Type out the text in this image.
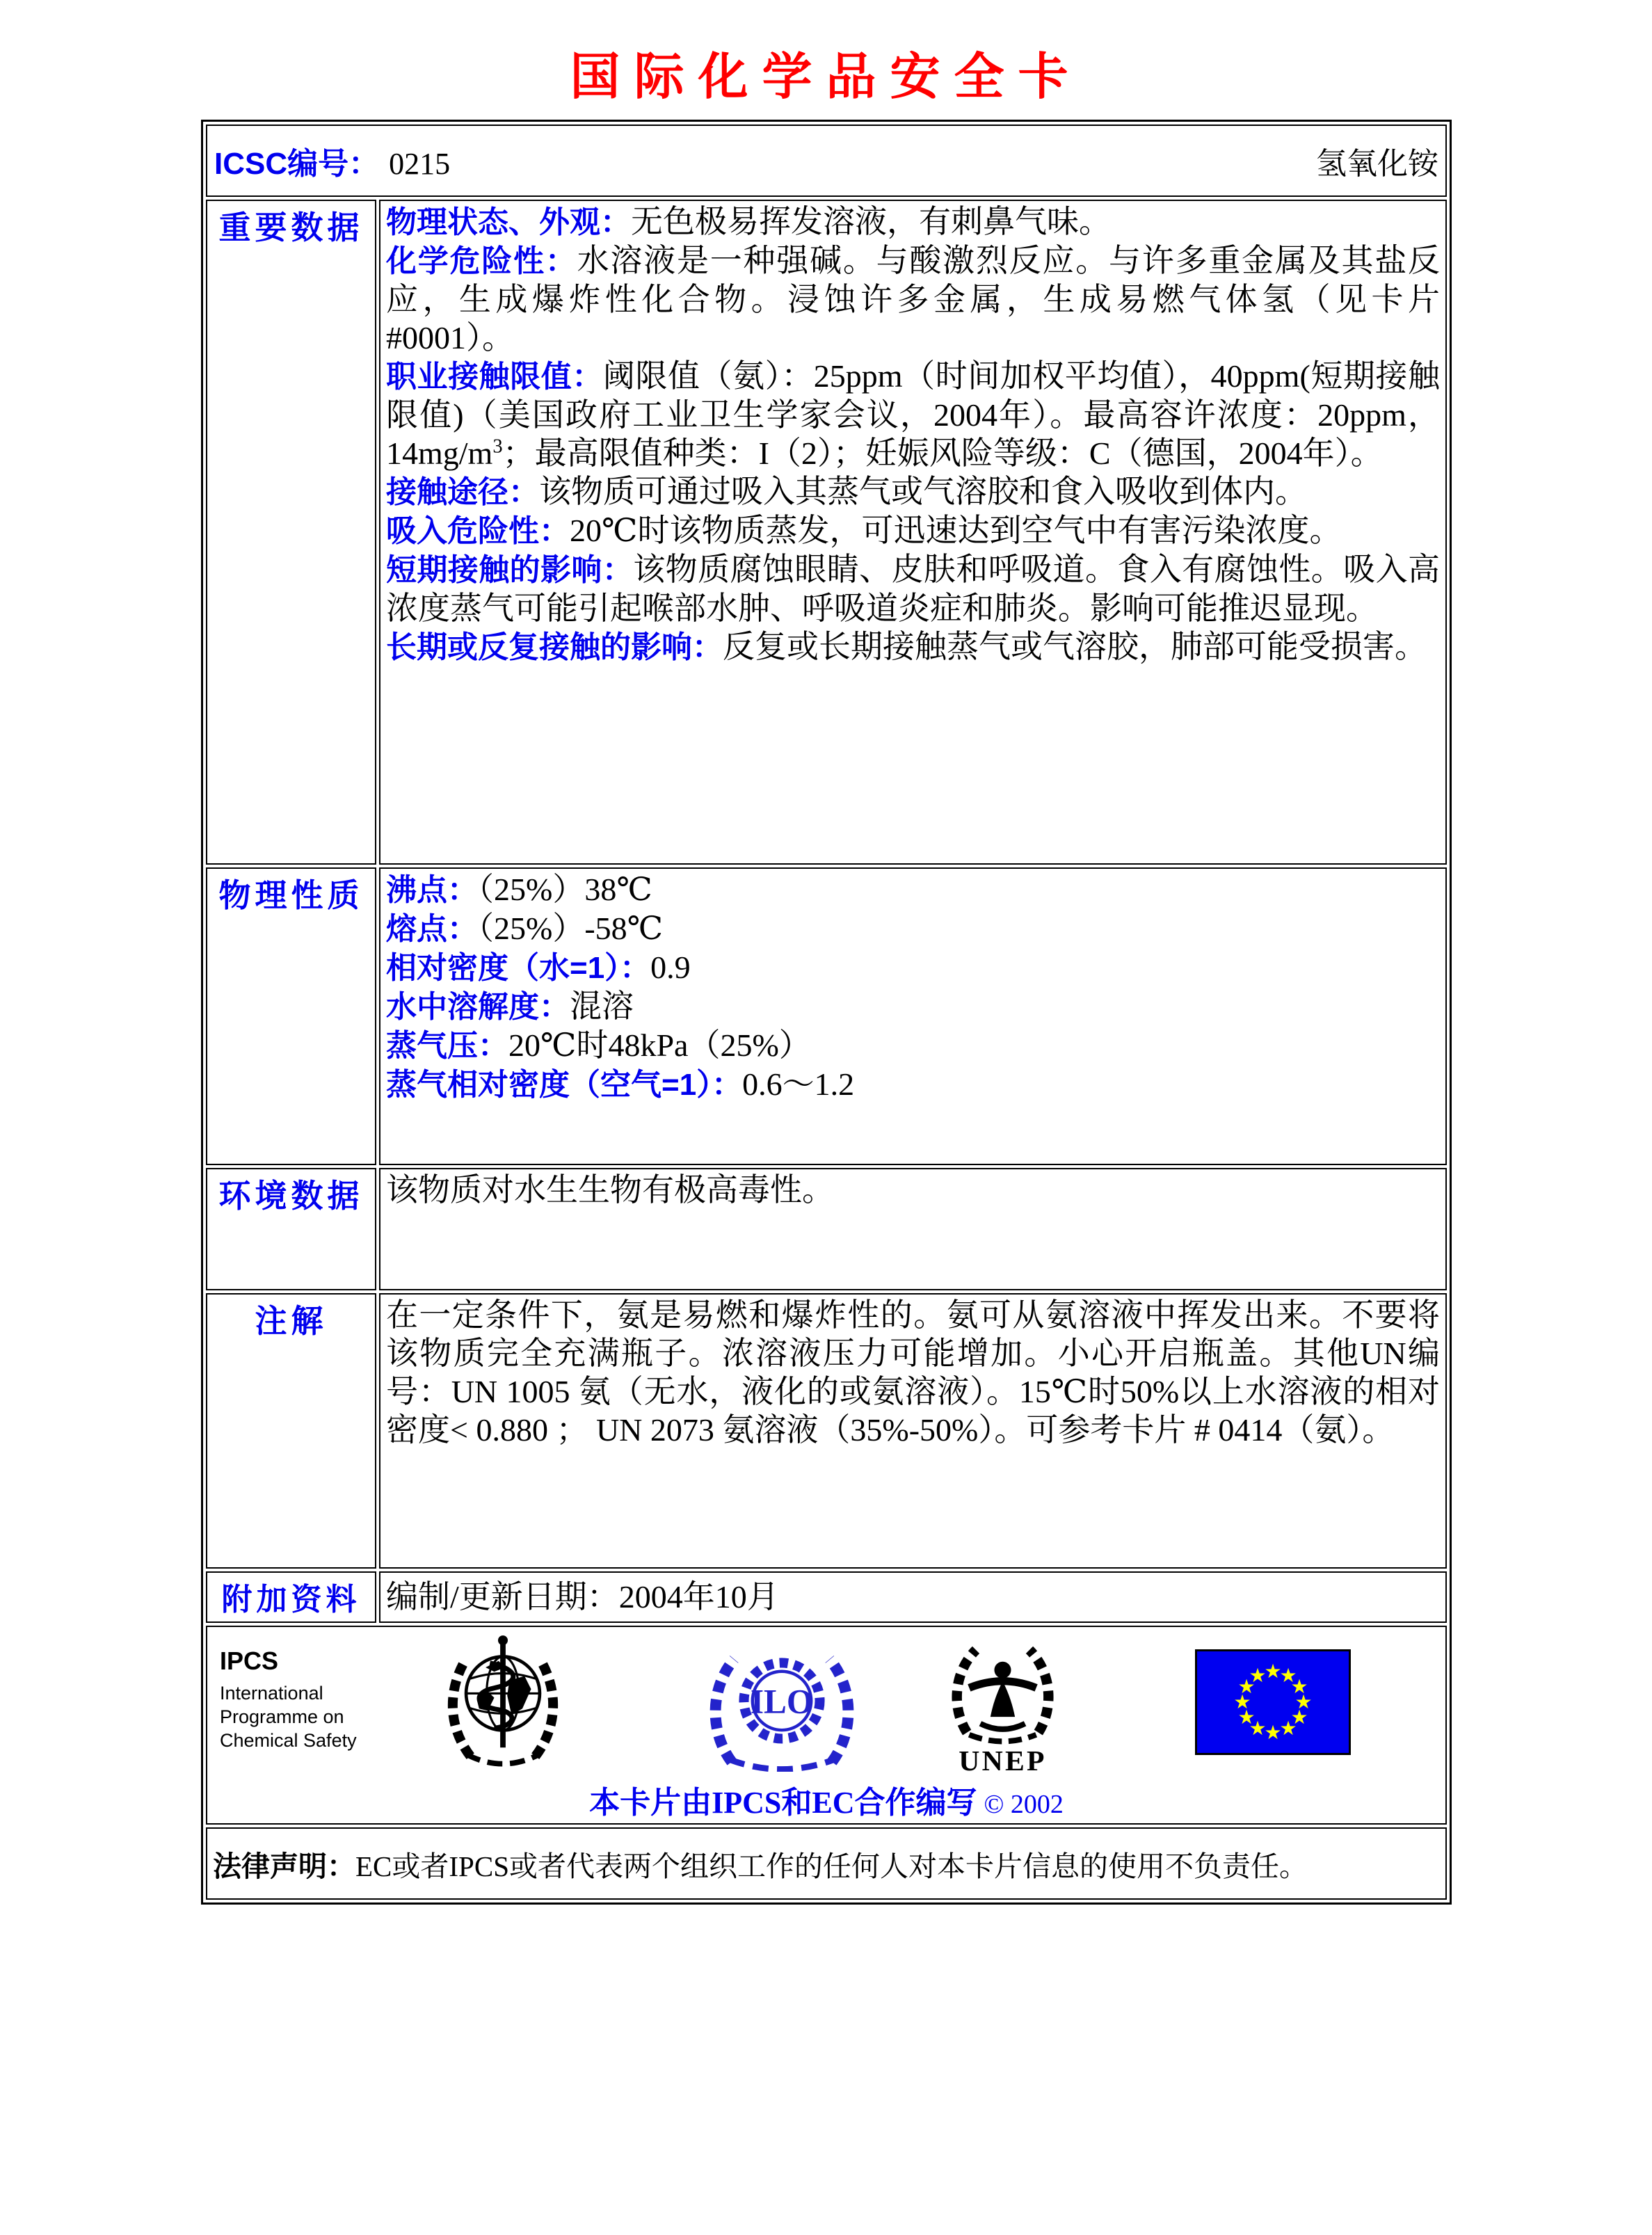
国际化学品安全卡
ICSC编号： 0215 氢氧化铵	

重要数据	物理状态、外观：无色极易挥发溶液，有刺鼻气味。

化学危险性：水溶液是一种强碱。与酸激烈反应。与许多重金属及其盐反应，生成爆炸性化合物。浸蚀许多金属，生成易燃气体氢（见卡片#0001）。

职业接触限值：阈限值（氨）：25ppm（时间加权平均值），40ppm(短期接触限值)（美国政府工业卫生学家会议，2004年）。最高容许浓度：20ppm，$14mg/m^3$；最高限值种类：I（2）；妊娠风险等级：C（德国，2004年）。

接触途径：该物质可通过吸入其蒸气或气溶胶和食入吸收到体内。

吸入危险性：20℃时该物质蒸发，可迅速达到空气中有害污染浓度。

短期接触的影响：该物质腐蚀眼睛、皮肤和呼吸道。食入有腐蚀性。吸入高浓度蒸气可能引起喉部水肿、呼吸道炎症和肺炎。影响可能推迟显现。

长期或反复接触的影响：反复或长期接触蒸气或气溶胶，肺部可能受损害。

物理性质	沸点：（25%）38℃

熔点：（25%）-58℃

相对密度（水=1）：0.9

水中溶解度：混溶

蒸气压：20℃时48kPa（25%）

蒸气相对密度（空气=1）：0.6～1.2

环境数据	该物质对水生生物有极高毒性。

注解	在一定条件下，氨是易燃和爆炸性的。氨可从氨溶液中挥发出来。不要将该物质完全充满瓶子。浓溶液压力可能增加。小心开启瓶盖。其他UN编号：UN 1005 氨（无水，液化的或氨溶液）。15℃时50%以上水溶液的相对密度< 0.880 ； UN 2073 氨溶液（35%-50%）。可参考卡片 # 0414（氨）。

附加资料	编制/更新日期：2004年10月

IPCS
International
Programme on
Chemical Safety
ILO
UNEP
★
★
★
★
★
★
★
★
★
★
★
★
本卡片由IPCS和EC合作编写 © 2002

法律声明： EC或者IPCS或者代表两个组织工作的任何人对本卡片信息的使用不负责任。	
